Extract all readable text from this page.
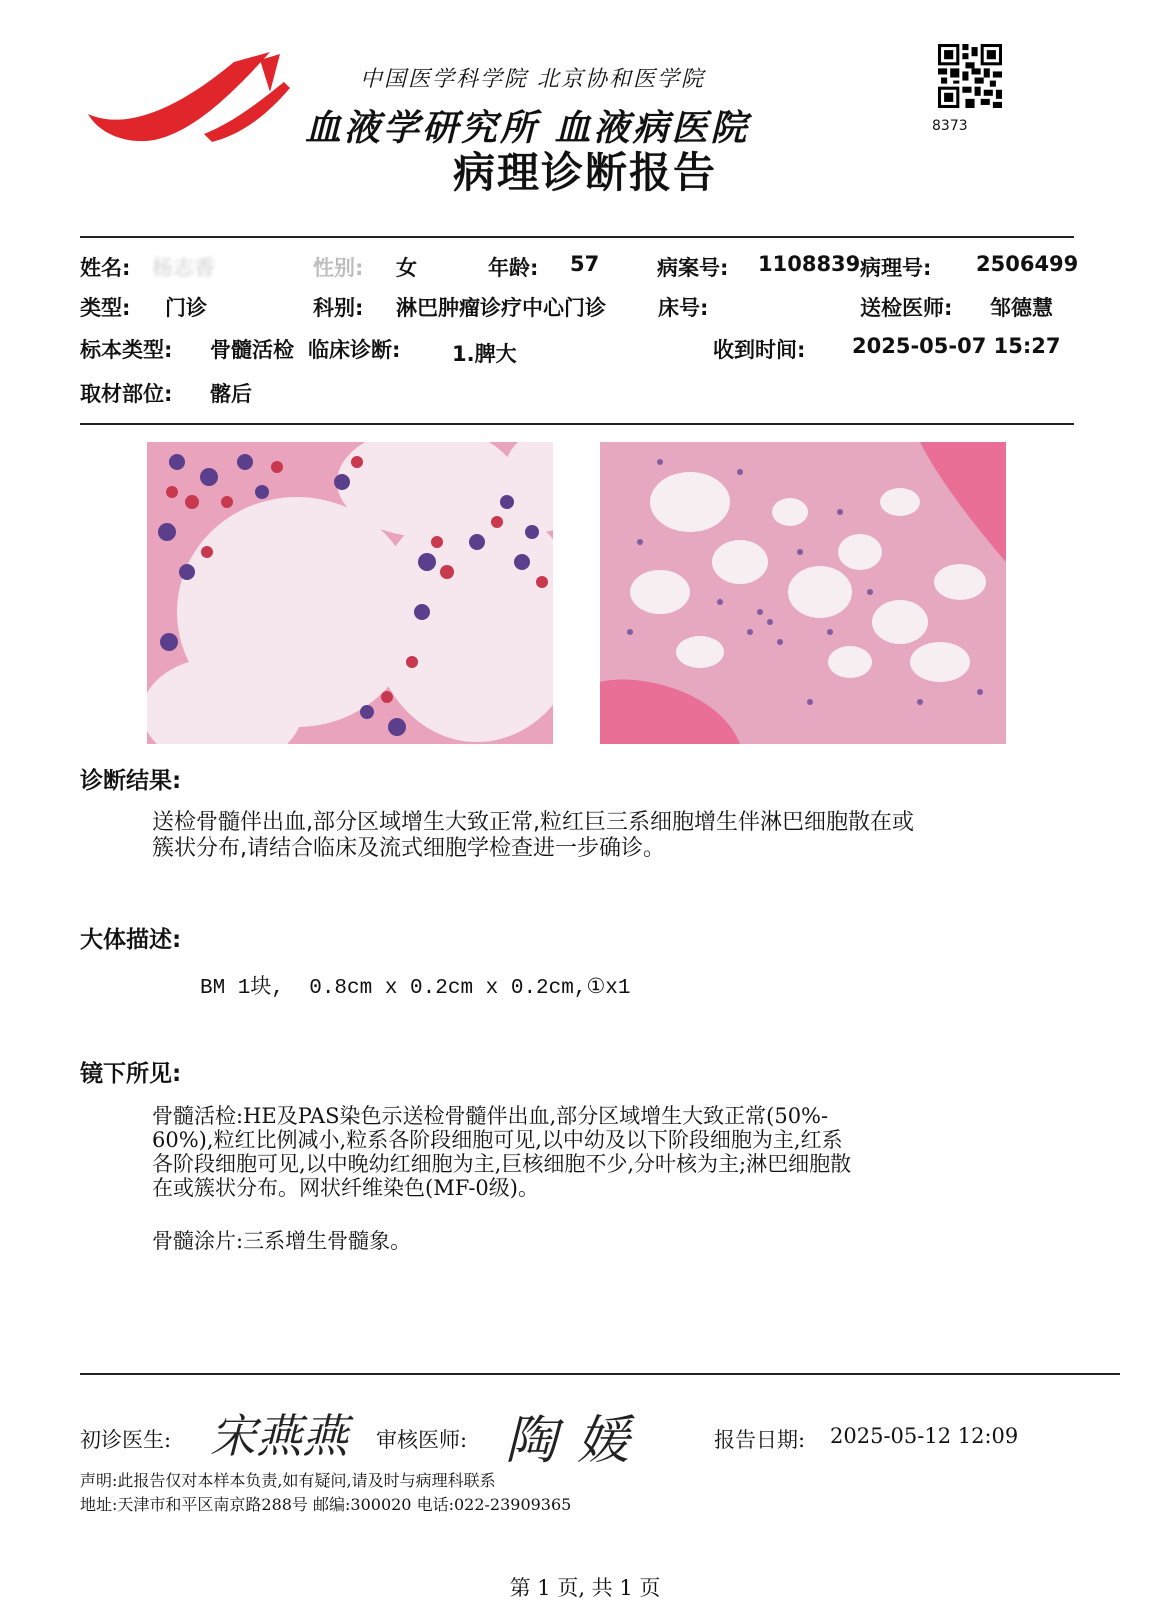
中国医学科学院 北京协和医学院
血液学研究所 血液病医院
病理诊断报告
8373
姓名: 杨志香	性别: 女	年龄: 57	病案号: 1108839 病理号: 2506499
类型: 门诊	科别: 淋巴肿瘤诊疗中心门诊 床号:	送检医师: 邹德慧
标本类型: 骨髓活检 临床诊断: 1.脾大	收到时间: 2025-05-07 15:27
取材部位: 髂后
诊断结果:
送检骨髓伴出血,部分区域增生大致正常,粒红巨三系细胞增生伴淋巴细胞散在或
簇状分布,请结合临床及流式细胞学检查进一步确诊。
大体描述:
BM 1块,  0.8cm x 0.2cm x 0.2cm,①x1
镜下所见:
骨髓活检:HE及PAS染色示送检骨髓伴出血,部分区域增生大致正常(50%-
60%),粒红比例减小,粒系各阶段细胞可见,以中幼及以下阶段细胞为主,红系
各阶段细胞可见,以中晚幼红细胞为主,巨核细胞不少,分叶核为主;淋巴细胞散
在或簇状分布。网状纤维染色(MF-0级)。
骨髓涂片:三系增生骨髓象。
初诊医生: 宋燕燕 审核医师: 陶媛	报告日期: 2025-05-12 12:09
声明:此报告仅对本样本负责,如有疑问,请及时与病理科联系
地址:天津市和平区南京路288号 邮编:300020 电话:022-23909365
第 1 页, 共 1 页
